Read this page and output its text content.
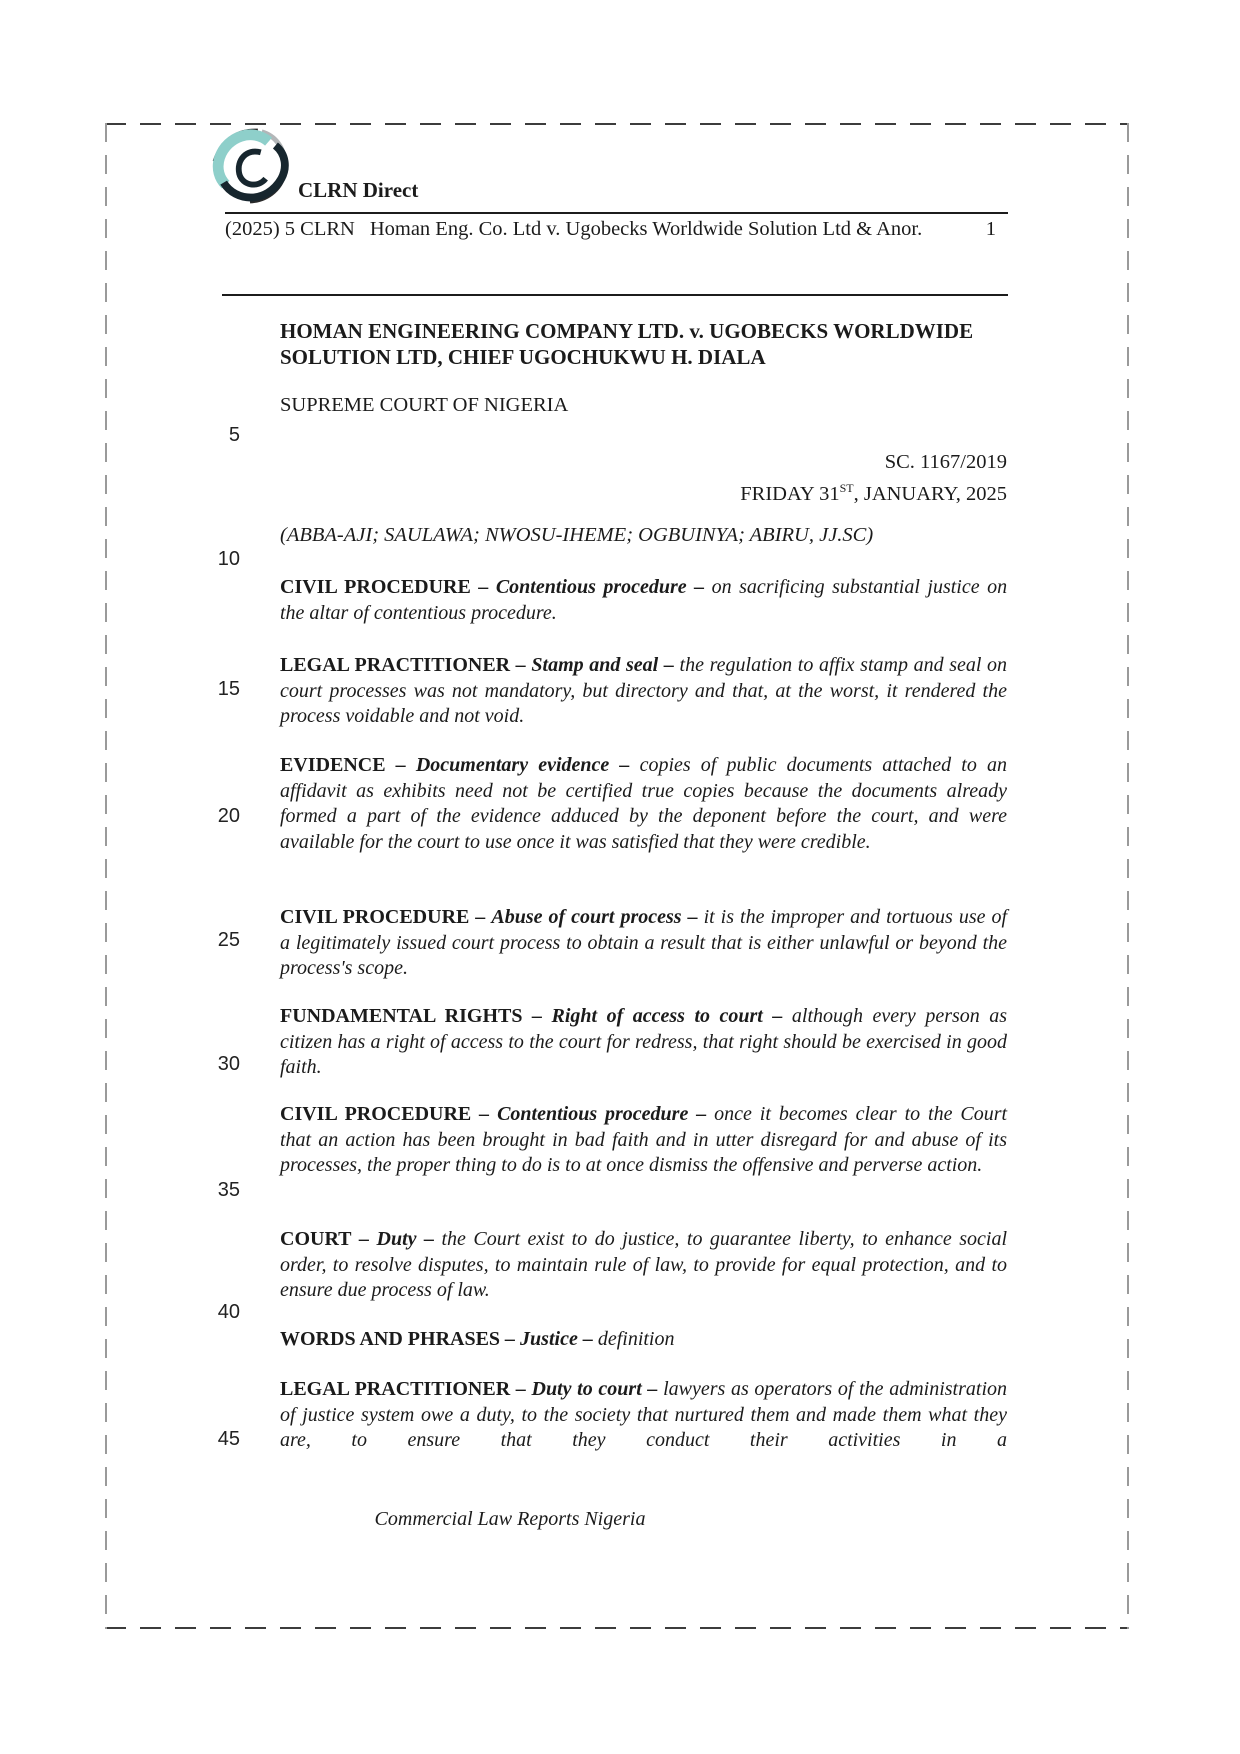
CLRN Direct
(2025) 5 CLRN Homan Eng. Co. Ltd v. Ugobecks Worldwide Solution Ltd & Anor.	1
HOMAN ENGINEERING COMPANY LTD. v. UGOBECKS WORLDWIDE
SOLUTION LTD, CHIEF UGOCHUKWU H. DIALA
SUPREME COURT OF NIGERIA
SC. 1167/2019
FRIDAY 31ST, JANUARY, 2025
(ABBA-AJI; SAULAWA; NWOSU-IHEME; OGBUINYA; ABIRU, JJ.SC)
5
10
15
20
25
30
35
40
45

CIVIL PROCEDURE – Contentious procedure – on sacrificing substantial justice on the altar of contentious procedure.

LEGAL PRACTITIONER – Stamp and seal – the regulation to affix stamp and seal on court processes was not mandatory, but directory and that, at the worst, it rendered the process voidable and not void.

EVIDENCE – Documentary evidence – copies of public documents attached to an affidavit as exhibits need not be certified true copies because the documents already formed a part of the evidence adduced by the deponent before the court, and were available for the court to use once it was satisfied that they were credible.

CIVIL PROCEDURE – Abuse of court process – it is the improper and tortuous use of a legitimately issued court process to obtain a result that is either unlawful or beyond the process's scope.

FUNDAMENTAL RIGHTS – Right of access to court – although every person as citizen has a right of access to the court for redress, that right should be exercised in good faith.

CIVIL PROCEDURE – Contentious procedure – once it becomes clear to the Court that an action has been brought in bad faith and in utter disregard for and abuse of its processes, the proper thing to do is to at once dismiss the offensive and perverse action.

COURT – Duty – the Court exist to do justice, to guarantee liberty, to enhance social order, to resolve disputes, to maintain rule of law, to provide for equal protection, and to ensure due process of law.

WORDS AND PHRASES – Justice – definition

LEGAL PRACTITIONER – Duty to court – lawyers as operators of the administration of justice system owe a duty, to the society that nurtured them and made them what they are, to ensure that they conduct their activities in a

Commercial Law Reports Nigeria
